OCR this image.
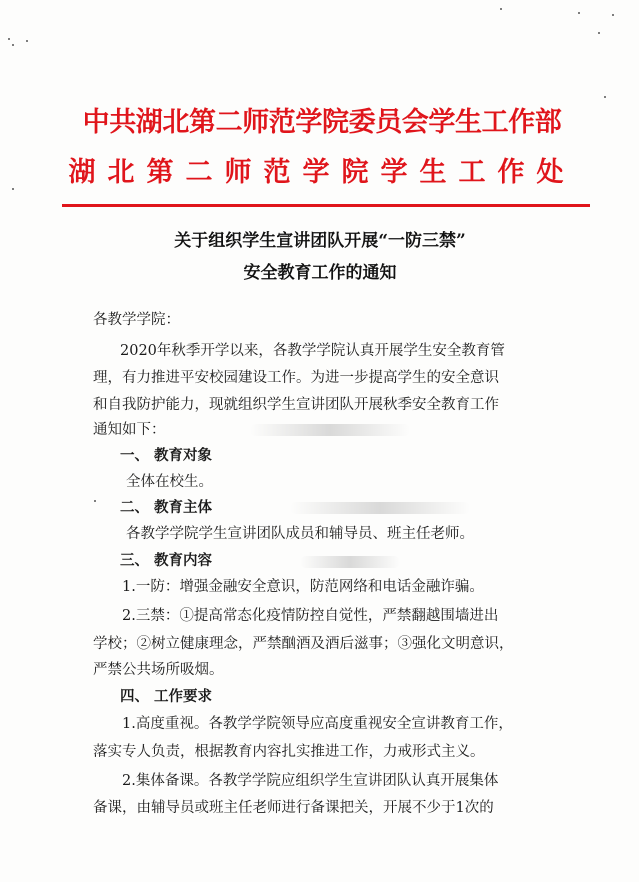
中共湖北第二师范学院委员会学生工作部
湖北第二师范学院学生工作处
关于组织学生宣讲团队开展“一防三禁”
安全教育工作的通知
各教学学院：
2020年秋季开学以来，各教学学院认真开展学生安全教育管
理，有力推进平安校园建设工作。为进一步提高学生的安全意识
和自我防护能力，现就组织学生宣讲团队开展秋季安全教育工作
通知如下：
一、 教育对象
全体在校生。
二、 教育主体
各教学学院学生宣讲团队成员和辅导员、班主任老师。
三、 教育内容
1.一防：增强金融安全意识，防范网络和电话金融诈骗。
2.三禁：①提高常态化疫情防控自觉性，严禁翻越围墙进出
学校；②树立健康理念，严禁酗酒及酒后滋事；③强化文明意识，
严禁公共场所吸烟。
四、 工作要求
1.高度重视。各教学学院领导应高度重视安全宣讲教育工作，
落实专人负责，根据教育内容扎实推进工作，力戒形式主义。
2.集体备课。各教学学院应组织学生宣讲团队认真开展集体
备课，由辅导员或班主任老师进行备课把关，开展不少于1次的
